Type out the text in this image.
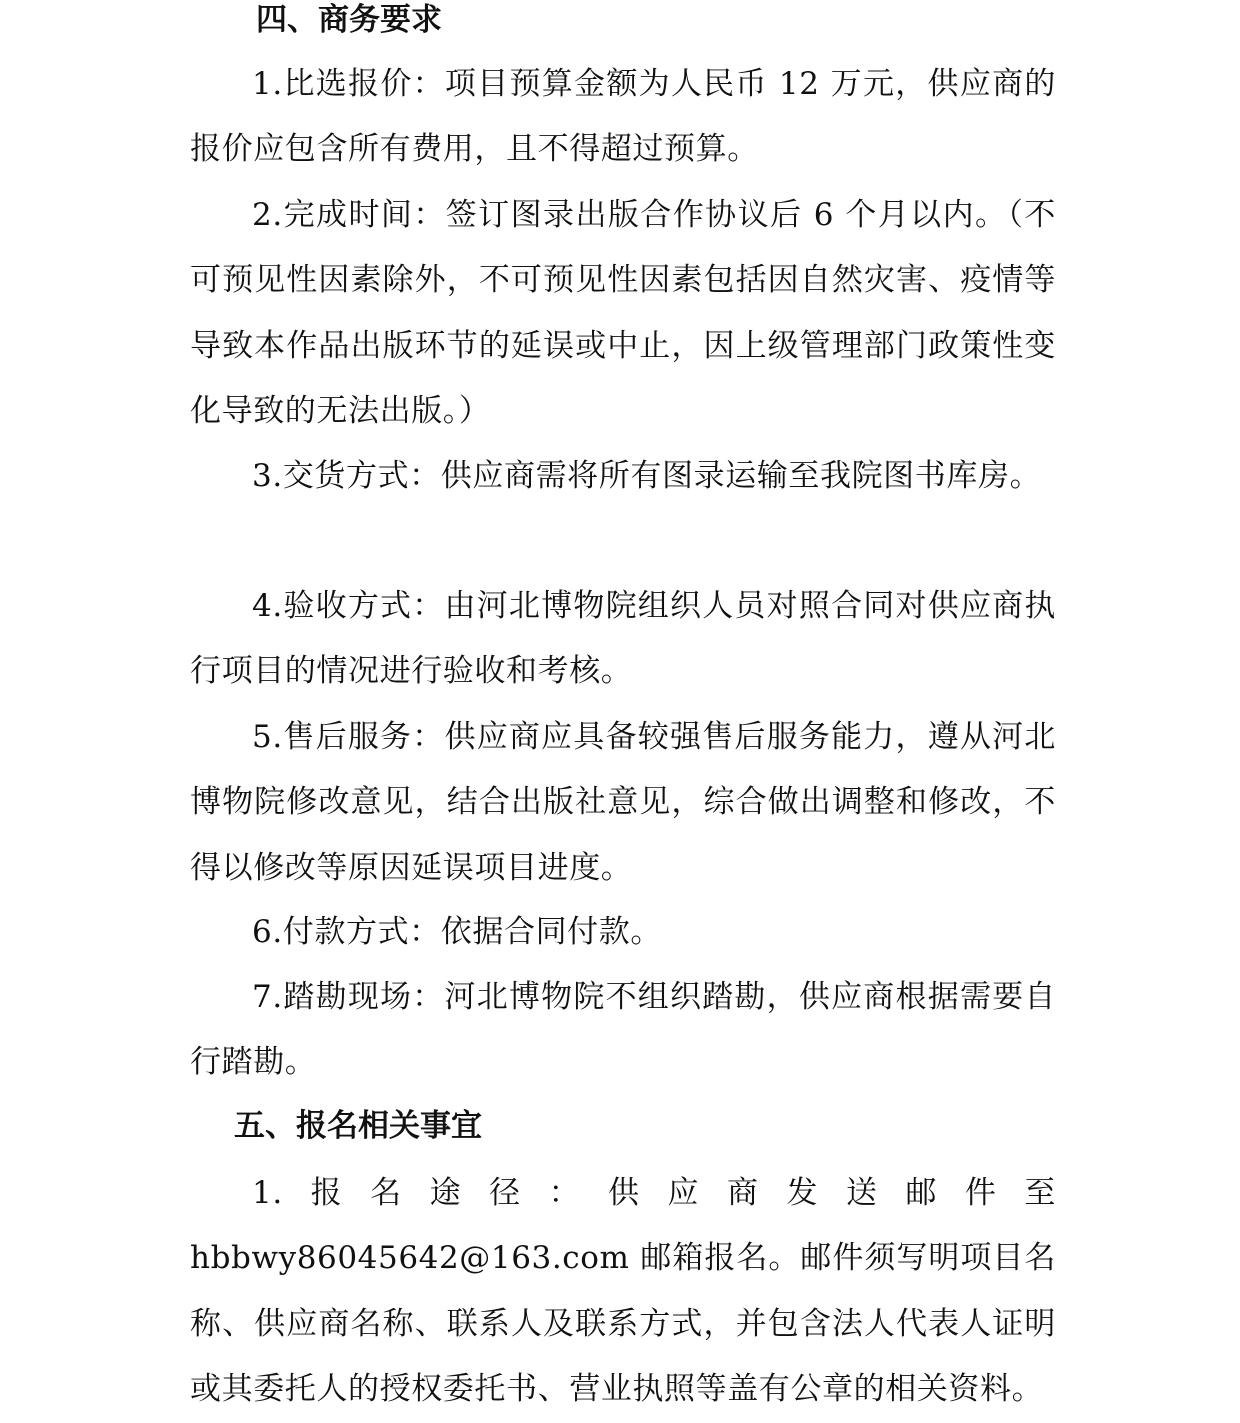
四、商务要求

1.比选报价：项目预算金额为人民币 12 万元，供应商的报价应包含所有费用，且不得超过预算。

2.完成时间：签订图录出版合作协议后 6 个月以内。（不可预见性因素除外，不可预见性因素包括因自然灾害、疫情等导致本作品出版环节的延误或中止，因上级管理部门政策性变化导致的无法出版。）

3.交货方式：供应商需将所有图录运输至我院图书库房。

4.验收方式：由河北博物院组织人员对照合同对供应商执行项目的情况进行验收和考核。

5.售后服务：供应商应具备较强售后服务能力，遵从河北博物院修改意见，结合出版社意见，综合做出调整和修改，不得以修改等原因延误项目进度。

6.付款方式：依据合同付款。

7.踏勘现场：河北博物院不组织踏勘，供应商根据需要自行踏勘。

五、报名相关事宜

1.报名途径：供应商发送邮件至 hbbwy86045642@163.com 邮箱报名。邮件须写明项目名称、供应商名称、联系人及联系方式，并包含法人代表人证明或其委托人的授权委托书、营业执照等盖有公章的相关资料。
